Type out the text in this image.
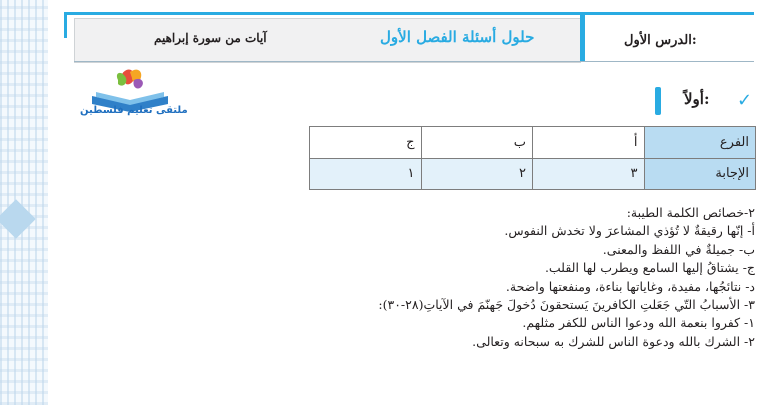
حلول أسئلة الفصل الأول
آيات من سورة إبراهيم	الدرس الأول:
ملتقى تعليم فلسطين
أولاً: ✓
الفرع	أ	ب	ج
الإجابة	٣	٢	١
٢-خصائص الكلمة الطيبة:
أ- إنّها رقيقةٌ لا تُؤذي المشاعرَ ولا تخدش النفوس.
ب- جميلةٌ في اللفظ والمعنى.
ج- يشتاقُ إليها السامع ويطرب لها القلب.
د- نتائجُها، مفيدة، وغاياتها بناءة، ومنفعتها واضحة.
٣- الأسبابُ التّي جَعَلتِ الكافرينَ يَستحقونَ دُخولَ جَهنّمَ في الآياتِ(٢٨-٣٠):
١- كفروا بنعمة الله ودعوا الناس للكفر مثلهم.
٢- الشرك بالله ودعوة الناس للشرك به سبحانه وتعالى.
